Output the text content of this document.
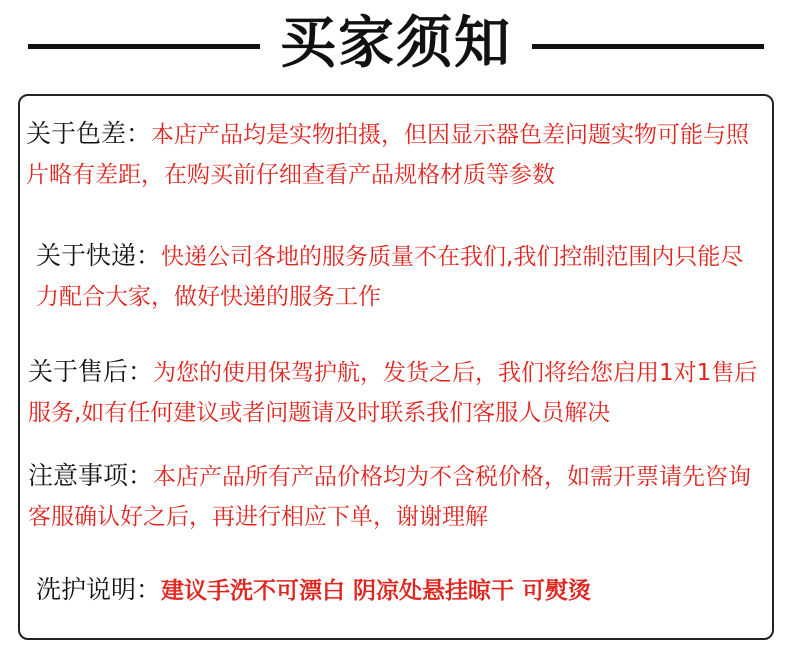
买家须知
关于色差：本店产品均是实物拍摄，但因显示器色差问题实物可能与照片略有差距，在购买前仔细查看产品规格材质等参数
关于快递：快递公司各地的服务质量不在我们,我们控制范围内只能尽力配合大家，做好快递的服务工作
关于售后：为您的使用保驾护航，发货之后，我们将给您启用1对1售后服务,如有任何建议或者问题请及时联系我们客服人员解决
注意事项：本店产品所有产品价格均为不含税价格，如需开票请先咨询客服确认好之后，再进行相应下单，谢谢理解
洗护说明：建议手洗不可漂白 阴凉处悬挂晾干 可熨烫
